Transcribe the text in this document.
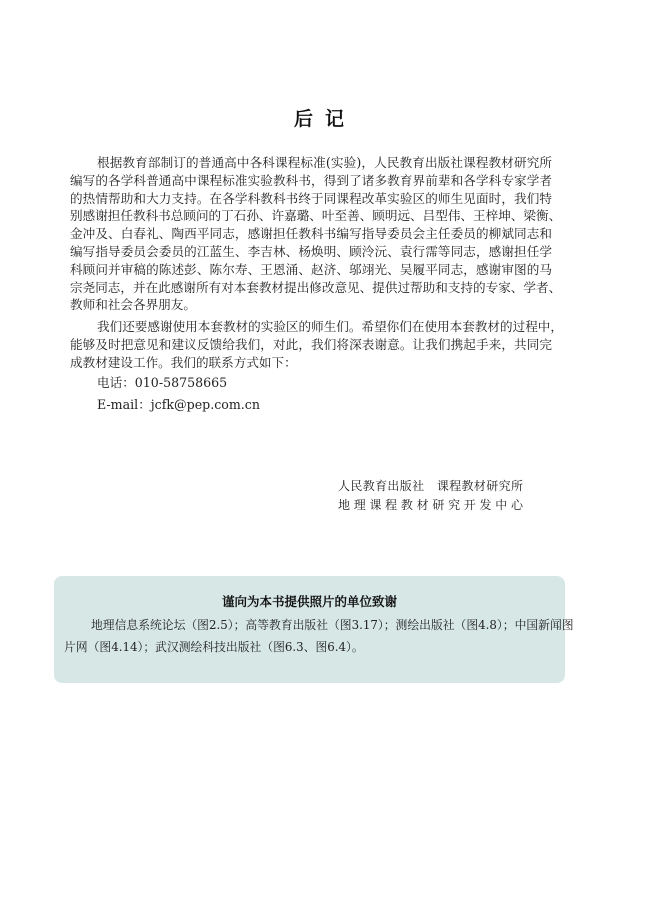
后记
根据教育部制订的普通高中各科课程标准(实验)，人民教育出版社课程教材研究所
编写的各学科普通高中课程标准实验教科书，得到了诸多教育界前辈和各学科专家学者
的热情帮助和大力支持。在各学科教科书终于同课程改革实验区的师生见面时，我们特
别感谢担任教科书总顾问的丁石孙、许嘉璐、叶至善、顾明远、吕型伟、王梓坤、梁衡、
金冲及、白春礼、陶西平同志，感谢担任教科书编写指导委员会主任委员的柳斌同志和
编写指导委员会委员的江蓝生、李吉林、杨焕明、顾泠沅、袁行霈等同志，感谢担任学
科顾问并审稿的陈述彭、陈尔寿、王恩涌、赵济、邬翊光、吴履平同志，感谢审图的马
宗尧同志，并在此感谢所有对本套教材提出修改意见、提供过帮助和支持的专家、学者、
教师和社会各界朋友。
我们还要感谢使用本套教材的实验区的师生们。希望你们在使用本套教材的过程中，
能够及时把意见和建议反馈给我们，对此，我们将深表谢意。让我们携起手来，共同完
成教材建设工作。我们的联系方式如下：
电话：010-58758665
E-mail：jcfk@pep.com.cn
人民教育出版社　课程教材研究所
地理课程教材研究开发中心
谨向为本书提供照片的单位致谢
地理信息系统论坛（图2.5）；高等教育出版社（图3.17）；测绘出版社（图4.8）；中国新闻图
片网（图4.14）；武汉测绘科技出版社（图6.3、图6.4）。
